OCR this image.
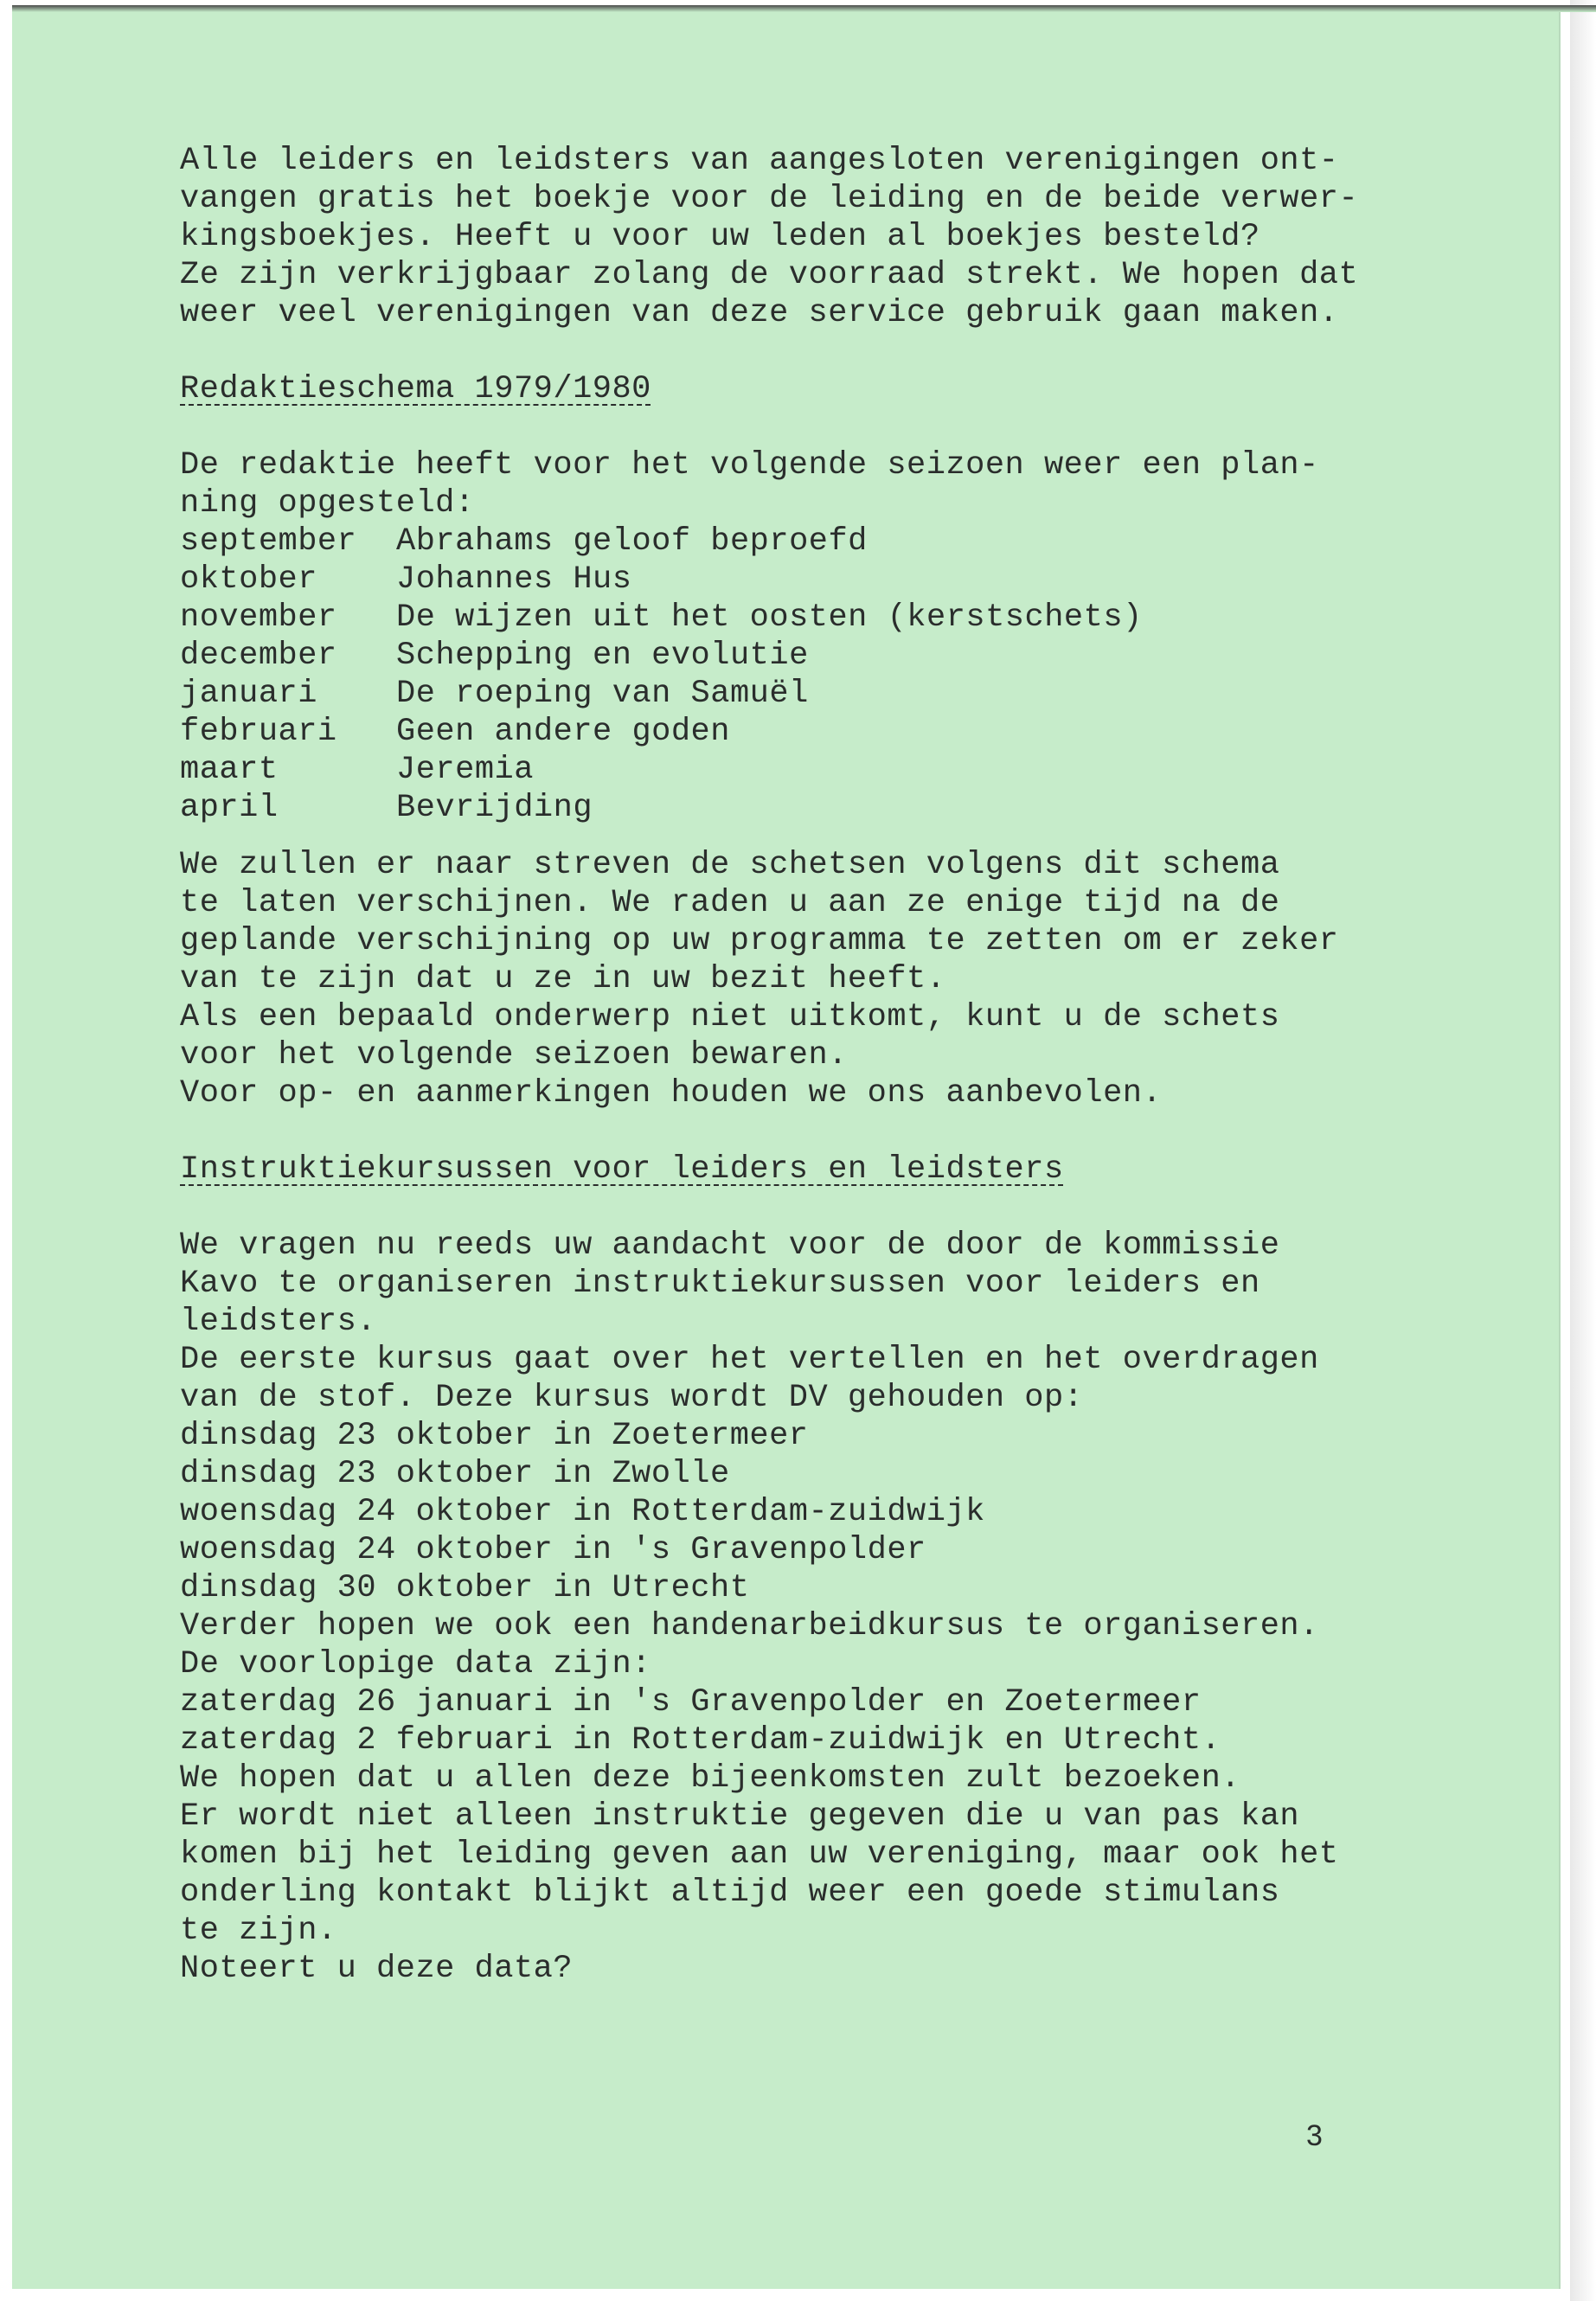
Alle leiders en leidsters van aangesloten verenigingen ont-
vangen gratis het boekje voor de leiding en de beide verwer-
kingsboekjes. Heeft u voor uw leden al boekjes besteld?
Ze zijn verkrijgbaar zolang de voorraad strekt. We hopen dat
weer veel verenigingen van deze service gebruik gaan maken.
Redaktieschema 1979/1980
De redaktie heeft voor het volgende seizoen weer een plan-
ning opgesteld:
september	Abrahams geloof beproefd
oktober	Johannes Hus
november	De wijzen uit het oosten (kerstschets)
december	Schepping en evolutie
januari	De roeping van Samuël
februari	Geen andere goden
maart	Jeremia
april	Bevrijding
We zullen er naar streven de schetsen volgens dit schema
te laten verschijnen. We raden u aan ze enige tijd na de
geplande verschijning op uw programma te zetten om er zeker
van te zijn dat u ze in uw bezit heeft.
Als een bepaald onderwerp niet uitkomt, kunt u de schets
voor het volgende seizoen bewaren.
Voor op- en aanmerkingen houden we ons aanbevolen.
Instruktiekursussen voor leiders en leidsters
We vragen nu reeds uw aandacht voor de door de kommissie
Kavo te organiseren instruktiekursussen voor leiders en
leidsters.
De eerste kursus gaat over het vertellen en het overdragen
van de stof. Deze kursus wordt DV gehouden op:
dinsdag 23 oktober in Zoetermeer
dinsdag 23 oktober in Zwolle
woensdag 24 oktober in Rotterdam-zuidwijk
woensdag 24 oktober in 's Gravenpolder
dinsdag 30 oktober in Utrecht
Verder hopen we ook een handenarbeidkursus te organiseren.
De voorlopige data zijn:
zaterdag 26 januari in 's Gravenpolder en Zoetermeer
zaterdag 2 februari in Rotterdam-zuidwijk en Utrecht.
We hopen dat u allen deze bijeenkomsten zult bezoeken.
Er wordt niet alleen instruktie gegeven die u van pas kan
komen bij het leiding geven aan uw vereniging, maar ook het
onderling kontakt blijkt altijd weer een goede stimulans
te zijn.
Noteert u deze data?
3
